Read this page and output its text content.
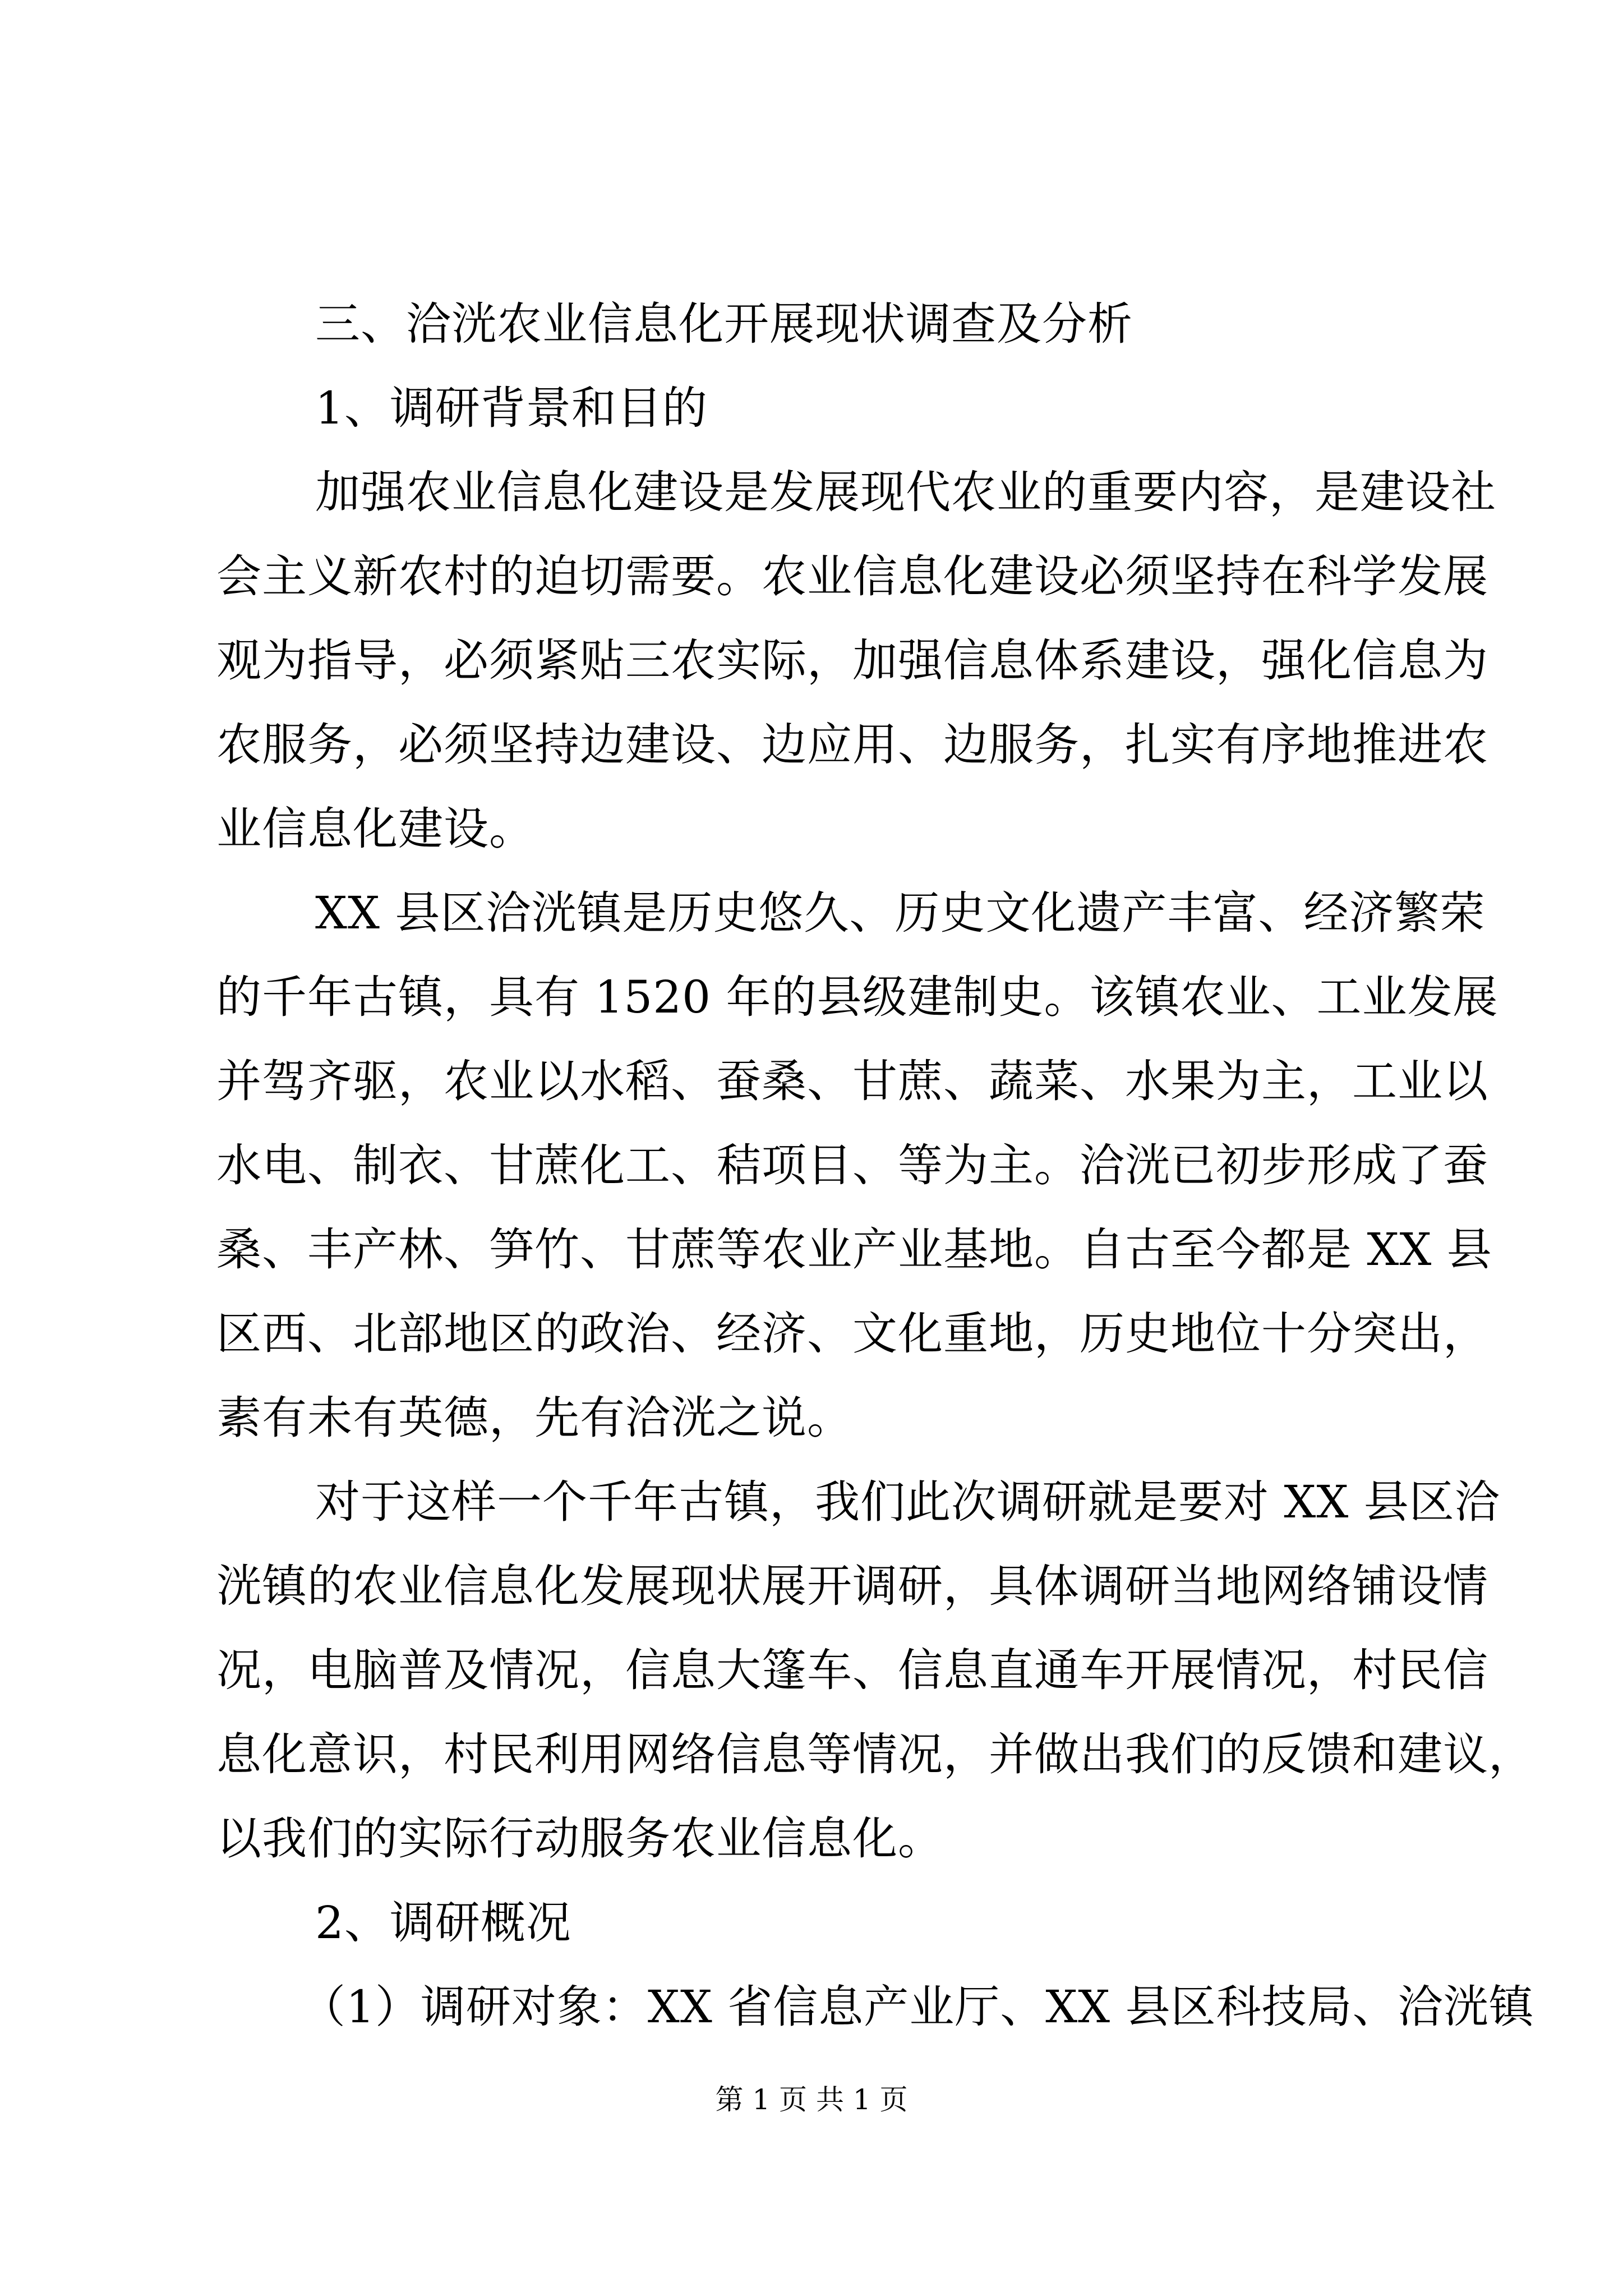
三、洽洸农业信息化开展现状调查及分析
1、调研背景和目的
加强农业信息化建设是发展现代农业的重要内容，是建设社
会主义新农村的迫切需要。农业信息化建设必须坚持在科学发展
观为指导，必须紧贴三农实际，加强信息体系建设，强化信息为
农服务，必须坚持边建设、边应用、边服务，扎实有序地推进农
业信息化建设。
XX 县区洽洸镇是历史悠久、历史文化遗产丰富、经济繁荣
的千年古镇，具有 1520 年的县级建制史。该镇农业、工业发展
并驾齐驱，农业以水稻、蚕桑、甘蔗、蔬菜、水果为主，工业以
水电、制衣、甘蔗化工、秸项目、等为主。洽洸已初步形成了蚕
桑、丰产林、笋竹、甘蔗等农业产业基地。自古至今都是 XX 县
区西、北部地区的政治、经济、文化重地，历史地位十分突出，
素有未有英德，先有洽洸之说。
对于这样一个千年古镇，我们此次调研就是要对 XX 县区洽
洸镇的农业信息化发展现状展开调研，具体调研当地网络铺设情
况，电脑普及情况，信息大篷车、信息直通车开展情况，村民信
息化意识，村民利用网络信息等情况，并做出我们的反馈和建议，
以我们的实际行动服务农业信息化。
2、调研概况
（1）调研对象：XX 省信息产业厅、XX 县区科技局、洽洸镇
第 1 页 共 1 页
